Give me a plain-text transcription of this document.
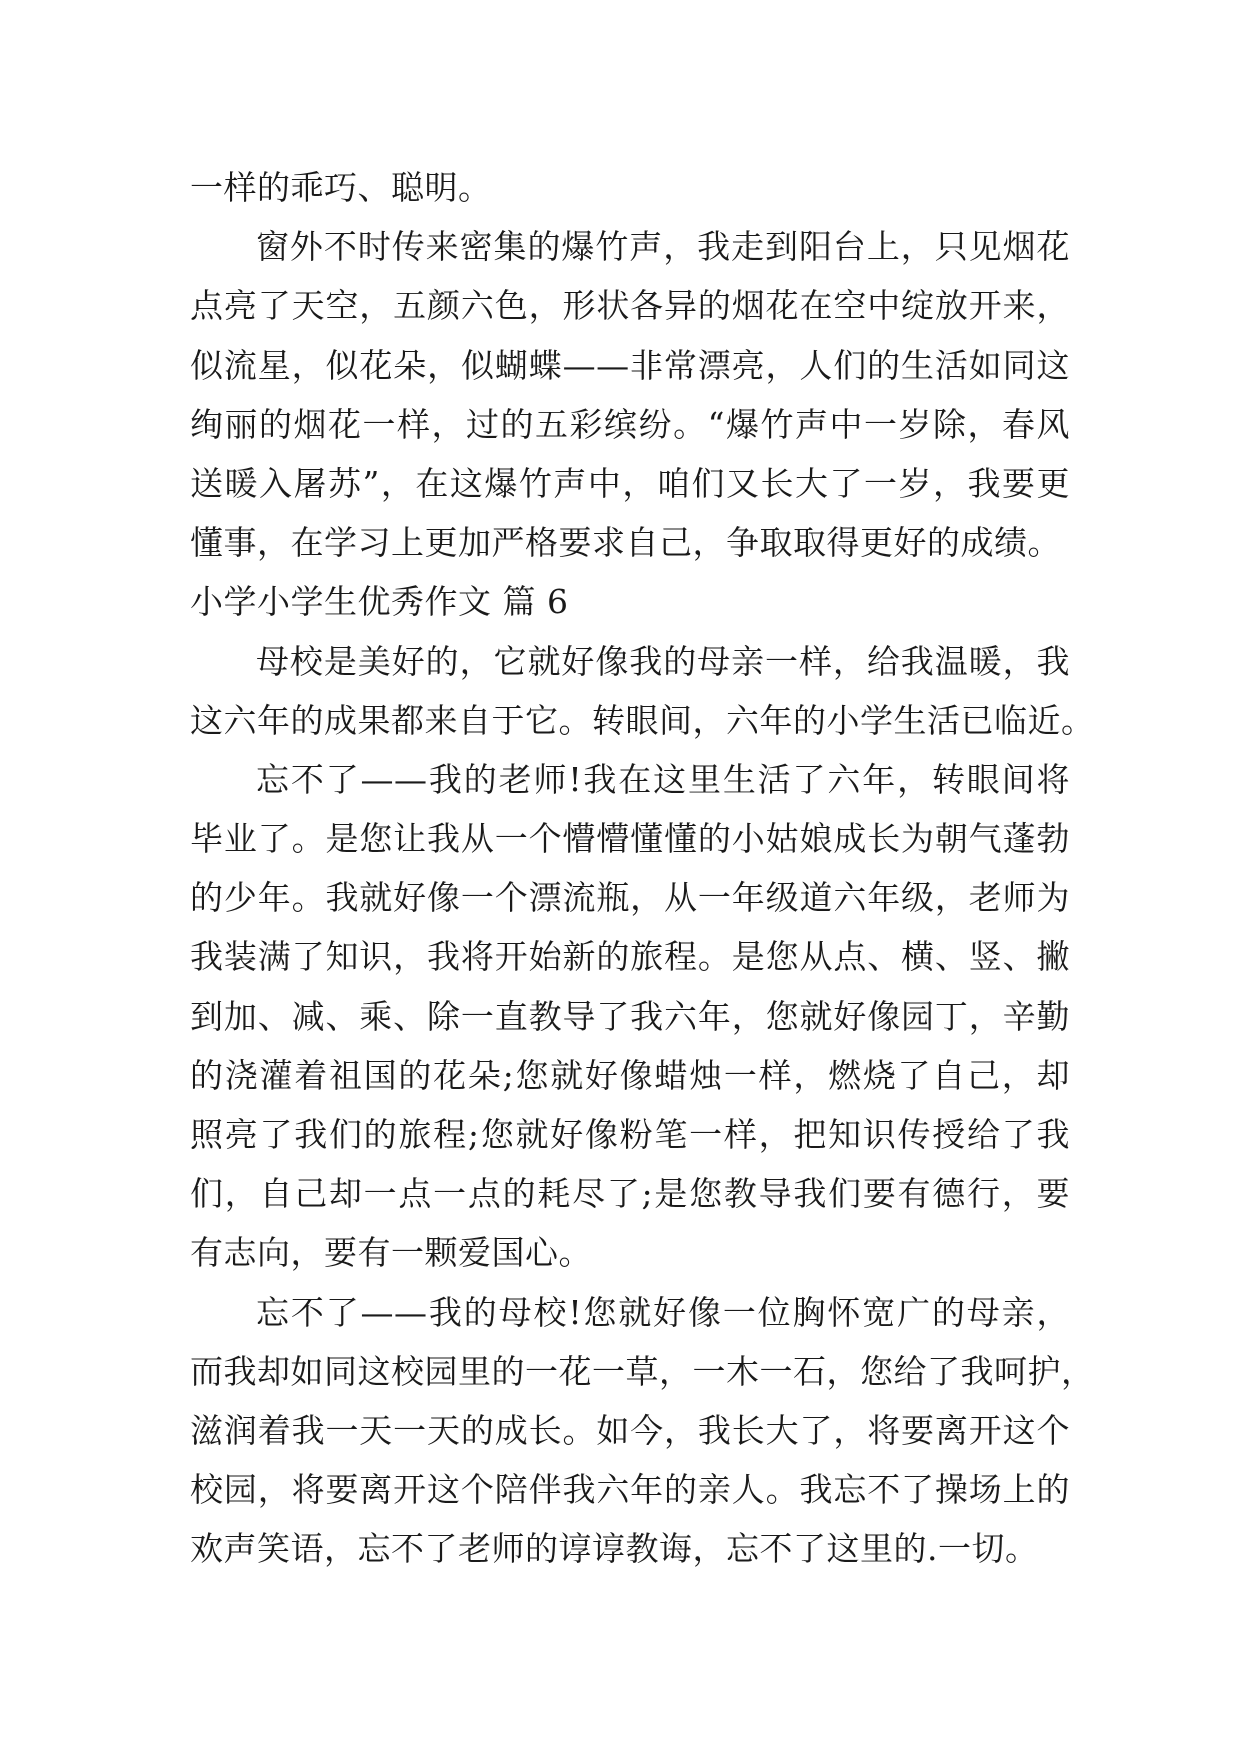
一样的乖巧、聪明。
窗外不时传来密集的爆竹声，我走到阳台上，只见烟花
点亮了天空，五颜六色，形状各异的烟花在空中绽放开来，
似流星，似花朵，似蝴蝶——非常漂亮，人们的生活如同这
绚丽的烟花一样，过的五彩缤纷。“爆竹声中一岁除，春风
送暖入屠苏”，在这爆竹声中，咱们又长大了一岁，我要更
懂事，在学习上更加严格要求自己，争取取得更好的成绩。
小学小学生优秀作文 篇 6
母校是美好的，它就好像我的母亲一样，给我温暖，我
这六年的成果都来自于它。转眼间，六年的小学生活已临近。
忘不了——我的老师!我在这里生活了六年，转眼间将
毕业了。是您让我从一个懵懵懂懂的小姑娘成长为朝气蓬勃
的少年。我就好像一个漂流瓶，从一年级道六年级，老师为
我装满了知识，我将开始新的旅程。是您从点、横、竖、撇
到加、减、乘、除一直教导了我六年，您就好像园丁，辛勤
的浇灌着祖国的花朵;您就好像蜡烛一样，燃烧了自己，却
照亮了我们的旅程;您就好像粉笔一样，把知识传授给了我
们，自己却一点一点的耗尽了;是您教导我们要有德行，要
有志向，要有一颗爱国心。
忘不了——我的母校!您就好像一位胸怀宽广的母亲，
而我却如同这校园里的一花一草，一木一石，您给了我呵护，
滋润着我一天一天的成长。如今，我长大了，将要离开这个
校园，将要离开这个陪伴我六年的亲人。我忘不了操场上的
欢声笑语，忘不了老师的谆谆教诲，忘不了这里的.一切。
